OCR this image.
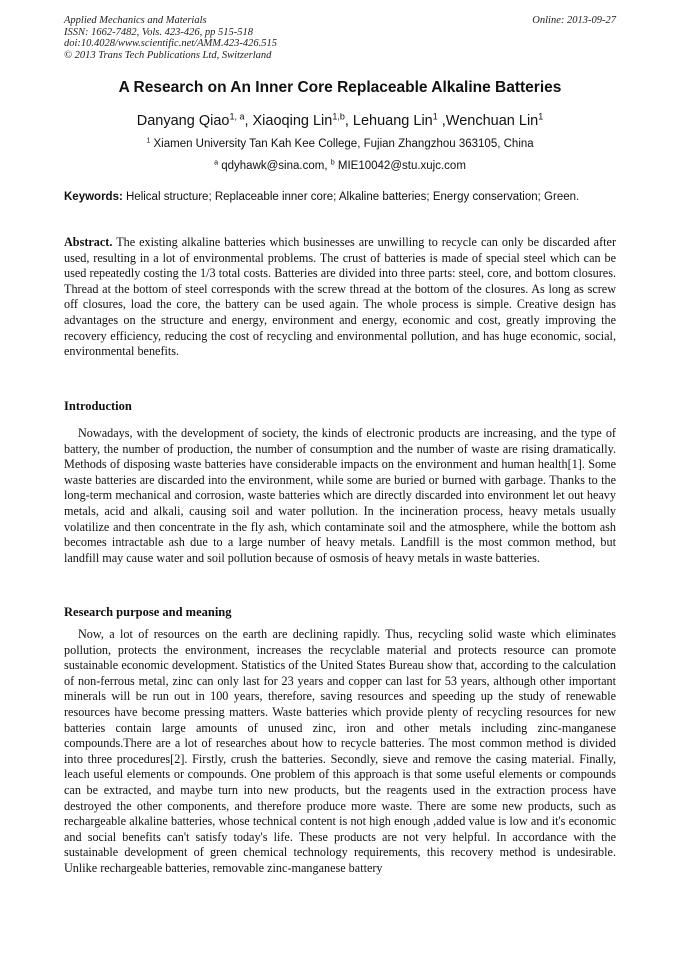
Applied Mechanics and Materials
ISSN: 1662-7482, Vols. 423-426, pp 515-518
doi:10.4028/www.scientific.net/AMM.423-426.515
© 2013 Trans Tech Publications Ltd, Switzerland
Online: 2013-09-27
A Research on An Inner Core Replaceable Alkaline Batteries
Danyang Qiao$^{1, a}$, Xiaoqing Lin$^{1,b}$, Lehuang Lin$^1$ ,Wenchuan Lin$^1$
$^1$ Xiamen University Tan Kah Kee College, Fujian Zhangzhou 363105, China
$^a$ qdyhawk@sina.com, $^b$ MIE10042@stu.xujc.com
Keywords: Helical structure; Replaceable inner core; Alkaline batteries; Energy conservation; Green.
Abstract. The existing alkaline batteries which businesses are unwilling to recycle can only be discarded after used, resulting in a lot of environmental problems. The crust of batteries is made of special steel which can be used repeatedly costing the 1/3 total costs. Batteries are divided into three parts: steel, core, and bottom closures. Thread at the bottom of steel corresponds with the screw thread at the bottom of the closures. As long as screw off closures, load the core, the battery can be used again. The whole process is simple. Creative design has advantages on the structure and energy, environment and energy, economic and cost, greatly improving the recovery efficiency, reducing the cost of recycling and environmental pollution, and has huge economic, social, environmental benefits.
Introduction
Nowadays, with the development of society, the kinds of electronic products are increasing, and the type of battery, the number of production, the number of consumption and the number of waste are rising dramatically. Methods of disposing waste batteries have considerable impacts on the environment and human health[1]. Some waste batteries are discarded into the environment, while some are buried or burned with garbage. Thanks to the long-term mechanical and corrosion, waste batteries which are directly discarded into environment let out heavy metals, acid and alkali, causing soil and water pollution. In the incineration process, heavy metals usually volatilize and then concentrate in the fly ash, which contaminate soil and the atmosphere, while the bottom ash becomes intractable ash due to a large number of heavy metals. Landfill is the most common method, but landfill may cause water and soil pollution because of osmosis of heavy metals in waste batteries.
Research purpose and meaning
Now, a lot of resources on the earth are declining rapidly. Thus, recycling solid waste which eliminates pollution, protects the environment, increases the recyclable material and protects resource can promote sustainable economic development. Statistics of the United States Bureau show that, according to the calculation of non-ferrous metal, zinc can only last for 23 years and copper can last for 53 years, although other important minerals will be run out in 100 years, therefore, saving resources and speeding up the study of renewable resources have become pressing matters. Waste batteries which provide plenty of recycling resources for new batteries contain large amounts of unused zinc, iron and other metals including zinc-manganese compounds.There are a lot of researches about how to recycle batteries. The most common method is divided into three procedures[2]. Firstly, crush the batteries. Secondly, sieve and remove the casing material. Finally, leach useful elements or compounds. One problem of this approach is that some useful elements or compounds can be extracted, and maybe turn into new products, but the reagents used in the extraction process have destroyed the other components, and therefore produce more waste. There are some new products, such as rechargeable alkaline batteries, whose technical content is not high enough ,added value is low and it's economic and social benefits can't satisfy today's life. These products are not very helpful. In accordance with the sustainable development of green chemical technology requirements, this recovery method is undesirable. Unlike rechargeable batteries, removable zinc-manganese battery
